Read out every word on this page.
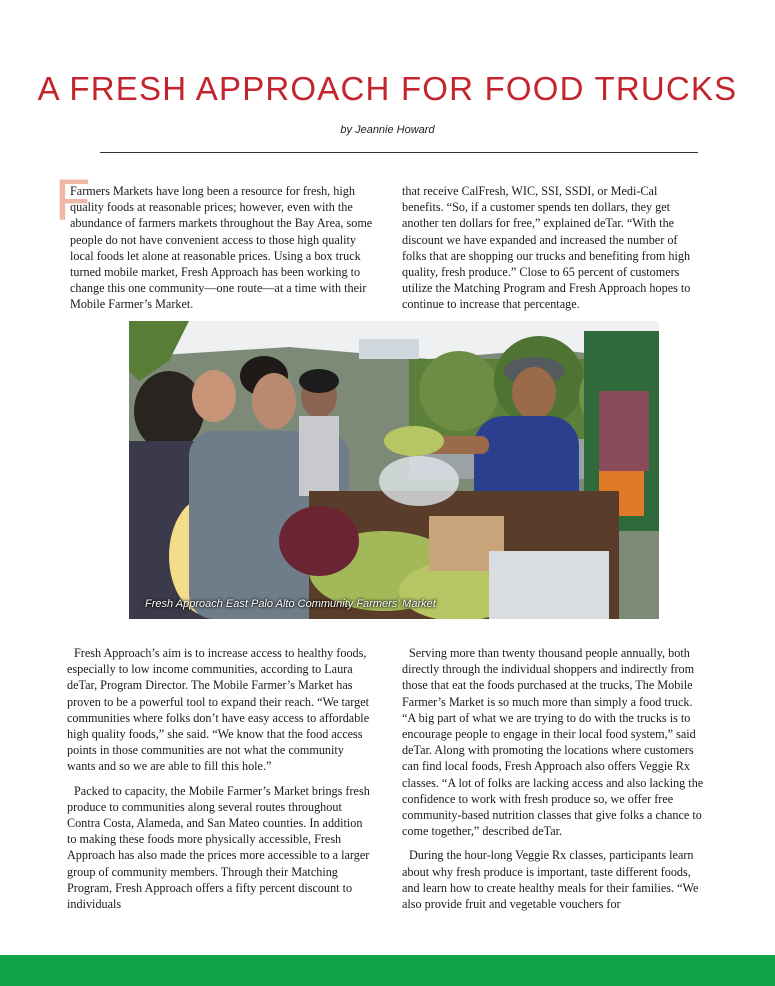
A FRESH APPROACH FOR FOOD TRUCKS
by Jeannie Howard
F

Farmers Markets have long been a resource for fresh, high quality foods at reasonable prices; however, even with the abundance of farmers markets throughout the Bay Area, some people do not have convenient access to those high quality local foods let alone at reasonable prices. Using a box truck turned mobile market, Fresh Approach has been working to change this one community—one route—at a time with their Mobile Farmer’s Market.

that receive CalFresh, WIC, SSI, SSDI, or Medi-Cal benefits. “So, if a customer spends ten dollars, they get another ten dollars for free,” explained deTar. “With the discount we have expanded and increased the number of folks that are shopping our trucks and benefiting from high quality, fresh produce.” Close to 65 percent of customers utilize the Matching Program and Fresh Approach hopes to continue to increase that percentage.

Fresh Approach East Palo Alto Community Farmers’ Market

Fresh Approach’s aim is to increase access to healthy foods, especially to low income communities, according to Laura deTar, Program Director. The Mobile Farmer’s Market has proven to be a powerful tool to expand their reach. “We target communities where folks don’t have easy access to affordable high quality foods,” she said. “We know that the food access points in those communities are not what the community wants and so we are able to fill this hole.”

Packed to capacity, the Mobile Farmer’s Market brings fresh produce to communities along several routes throughout Contra Costa, Alameda, and San Mateo counties. In addition to making these foods more physically accessible, Fresh Approach has also made the prices more accessible to a larger group of community members. Through their Matching Program, Fresh Approach offers a fifty percent discount to individuals

Serving more than twenty thousand people annually, both directly through the individual shoppers and indirectly from those that eat the foods purchased at the trucks, The Mobile Farmer’s Market is so much more than simply a food truck. “A big part of what we are trying to do with the trucks is to encourage people to engage in their local food system,” said deTar. Along with promoting the locations where customers can find local foods, Fresh Approach also offers Veggie Rx classes. “A lot of folks are lacking access and also lacking the confidence to work with fresh produce so, we offer free community-based nutrition classes that give folks a chance to come together,” described deTar.

During the hour-long Veggie Rx classes, participants learn about why fresh produce is important, taste different foods, and learn how to create healthy meals for their families. “We also provide fruit and vegetable vouchers for
